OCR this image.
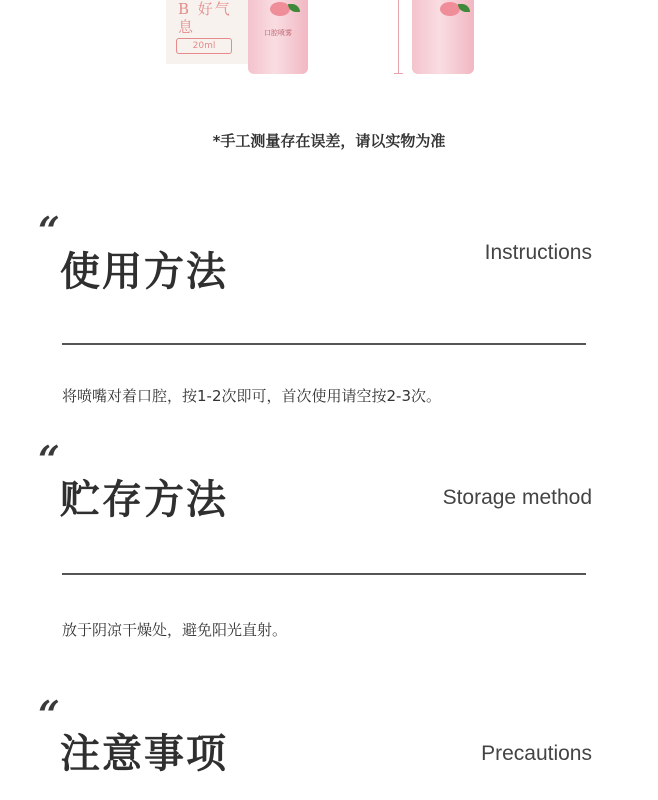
B 好气息
20ml
口腔喷雾
*手工测量存在误差，请以实物为准
“
使用方法	Instructions
将喷嘴对着口腔，按1-2次即可，首次使用请空按2-3次。
“
贮存方法	Storage method
放于阴凉干燥处，避免阳光直射。
“
注意事项	Precautions
